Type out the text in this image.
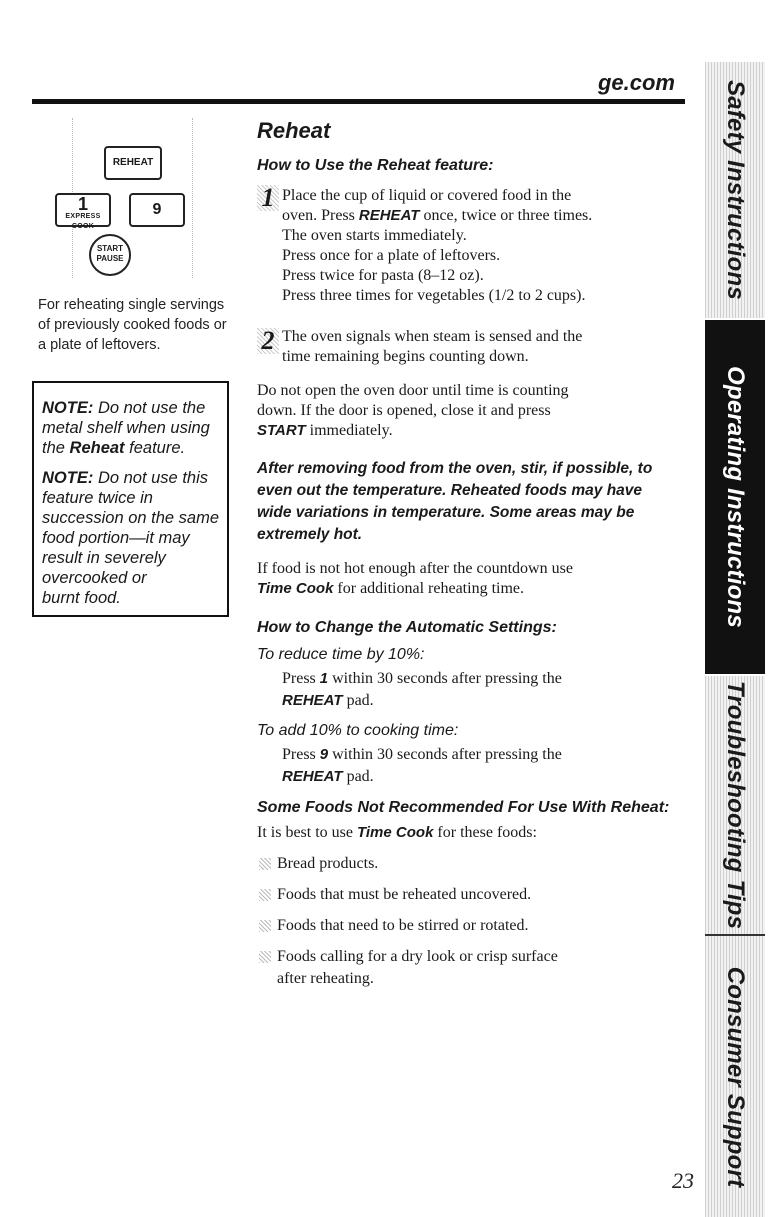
ge.com
REHEAT
1
EXPRESS COOK
9
START
PAUSE
For reheating single servings
of previously cooked foods or
a plate of leftovers.

NOTE: Do not use the
metal shelf when using
the Reheat feature.

NOTE: Do not use this
feature twice in
succession on the same
food portion—it may
result in severely
overcooked or
burnt food.

Reheat
How to Use the Reheat feature:
1 Place the cup of liquid or covered food in the
oven. Press REHEAT once, twice or three times.
The oven starts immediately.
Press once for a plate of leftovers.
Press twice for pasta (8–12 oz).
Press three times for vegetables (1/2 to 2 cups).
2 The oven signals when steam is sensed and the
time remaining begins counting down.
Do not open the oven door until time is counting
down. If the door is opened, close it and press
START immediately.
After removing food from the oven, stir, if possible, to
even out the temperature. Reheated foods may have
wide variations in temperature. Some areas may be
extremely hot.
If food is not hot enough after the countdown use
Time Cook for additional reheating time.
How to Change the Automatic Settings:
To reduce time by 10%:
Press 1 within 30 seconds after pressing the
REHEAT pad.
To add 10% to cooking time:
Press 9 within 30 seconds after pressing the
REHEAT pad.
Some Foods Not Recommended For Use With Reheat:
It is best to use Time Cook for these foods:
Bread products.
Foods that must be reheated uncovered.
Foods that need to be stirred or rotated.
Foods calling for a dry look or crisp surface
after reheating.
Safety Instructions
Operating Instructions
Troubleshooting Tips
Consumer Support
23
